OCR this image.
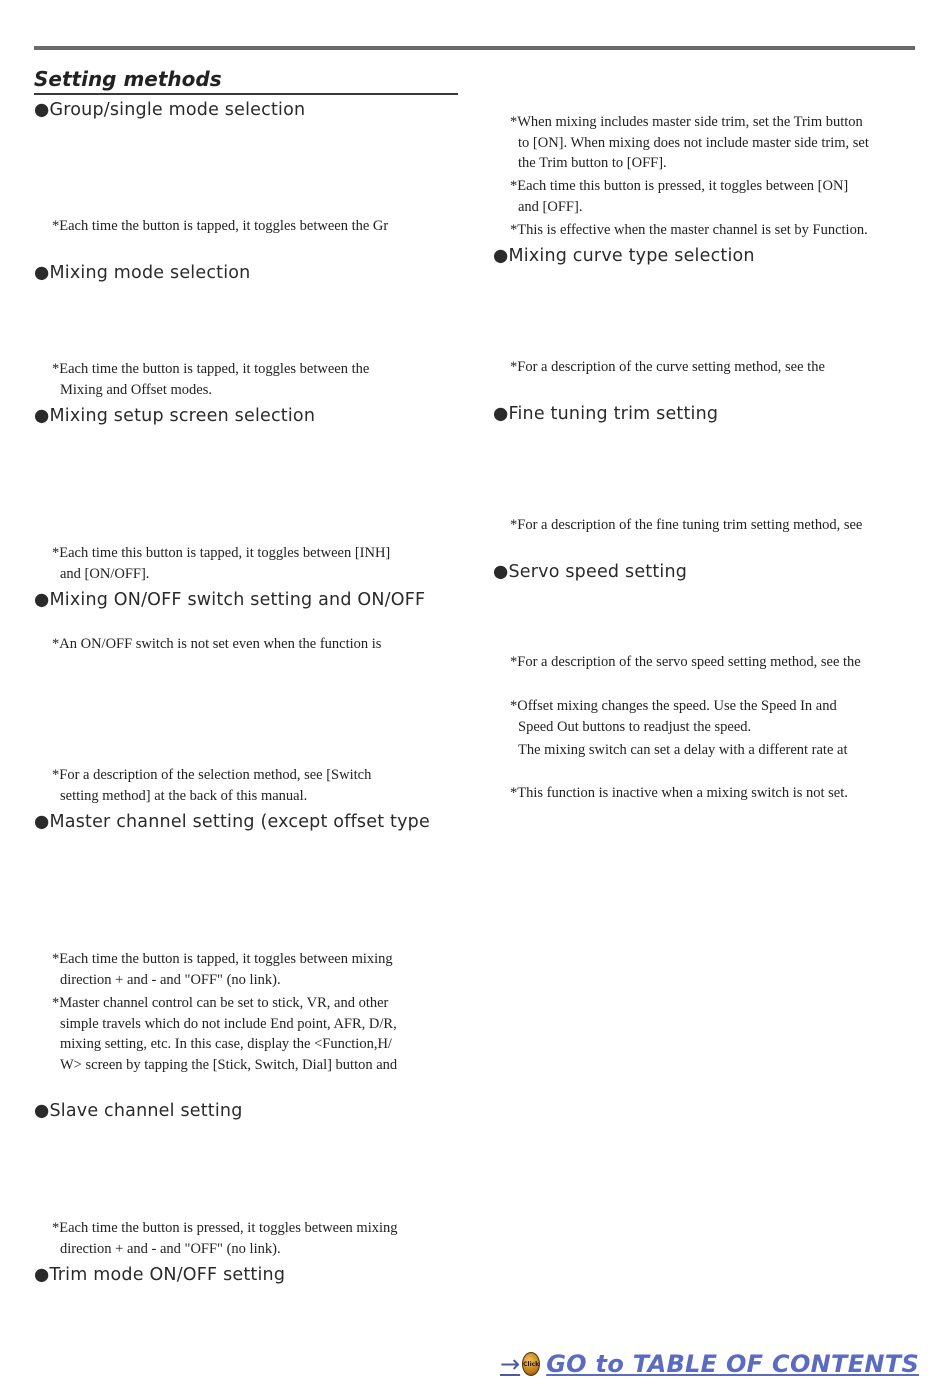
Setting methods
●Group/single mode selection
*Each time the button is tapped, it toggles between the Gr
●Mixing mode selection
*Each time the button is tapped, it toggles between the
Mixing and Offset modes.
●Mixing setup screen selection
*Each time this button is tapped, it toggles between [INH]
and [ON/OFF].
●Mixing ON/OFF switch setting and ON/OFF
*An ON/OFF switch is not set even when the function is
*For a description of the selection method, see [Switch
setting method] at the back of this manual.
●Master channel setting (except offset type
*Each time the button is tapped, it toggles between mixing
direction + and - and "OFF" (no link).
*Master channel control can be set to stick, VR, and other
simple travels which do not include End point, AFR, D/R,
mixing setting, etc. In this case, display the <Function,H/
W> screen by tapping the [Stick, Switch, Dial] button and
●Slave channel setting
*Each time the button is pressed, it toggles between mixing
direction + and - and "OFF" (no link).
●Trim mode ON/OFF setting
*When mixing includes master side trim, set the Trim button
to [ON]. When mixing does not include master side trim, set
the Trim button to [OFF].
*Each time this button is pressed, it toggles between [ON]
and [OFF].
*This is effective when the master channel is set by Function.
●Mixing curve type selection
*For a description of the curve setting method, see the
●Fine tuning trim setting
*For a description of the fine tuning trim setting method, see
●Servo speed setting
*For a description of the servo speed setting method, see the
*Offset mixing changes the speed. Use the Speed In and
Speed Out buttons to readjust the speed.
The mixing switch can set a delay with a different rate at
*This function is inactive when a mixing switch is not set.
→ Click GO to TABLE OF CONTENTS
